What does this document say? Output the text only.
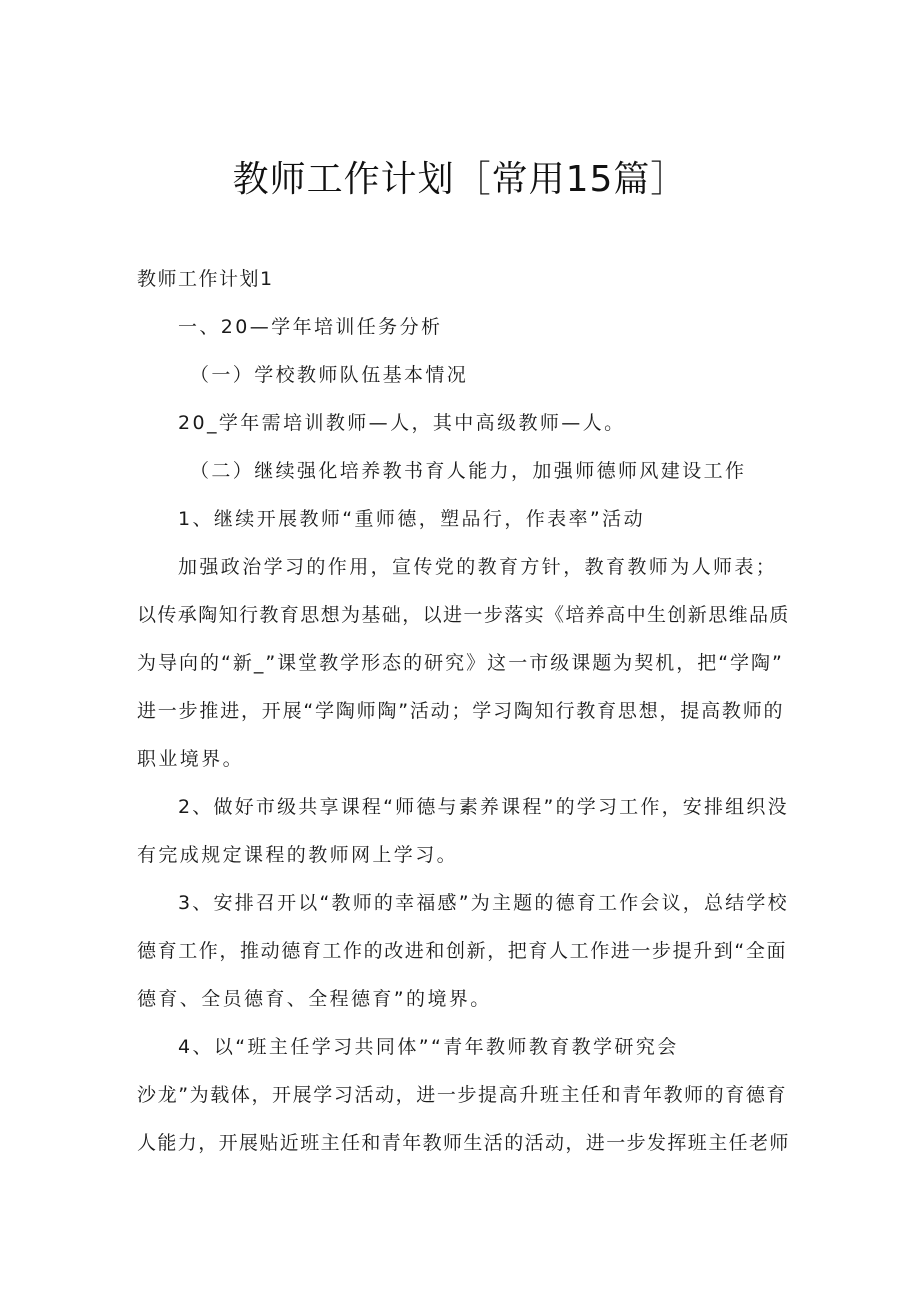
教师工作计划［常用15篇］
教师工作计划1
一、20—学年培训任务分析
（一）学校教师队伍基本情况
20_学年需培训教师—人，其中高级教师—人。
（二）继续强化培养教书育人能力，加强师德师风建设工作
1、继续开展教师“重师德，塑品行，作表率”活动
加强政治学习的作用，宣传党的教育方针，教育教师为人师表；
以传承陶知行教育思想为基础，以进一步落实《培养高中生创新思维品质
为导向的“新_”课堂教学形态的研究》这一市级课题为契机，把“学陶”
进一步推进，开展“学陶师陶”活动；学习陶知行教育思想，提高教师的
职业境界。
2、做好市级共享课程“师德与素养课程”的学习工作，安排组织没
有完成规定课程的教师网上学习。
3、安排召开以“教师的幸福感”为主题的德育工作会议，总结学校
德育工作，推动德育工作的改进和创新，把育人工作进一步提升到“全面
德育、全员德育、全程德育”的境界。
4、以“班主任学习共同体”“青年教师教育教学研究会
沙龙”为载体，开展学习活动，进一步提高升班主任和青年教师的育德育
人能力，开展贴近班主任和青年教师生活的活动，进一步发挥班主任老师
